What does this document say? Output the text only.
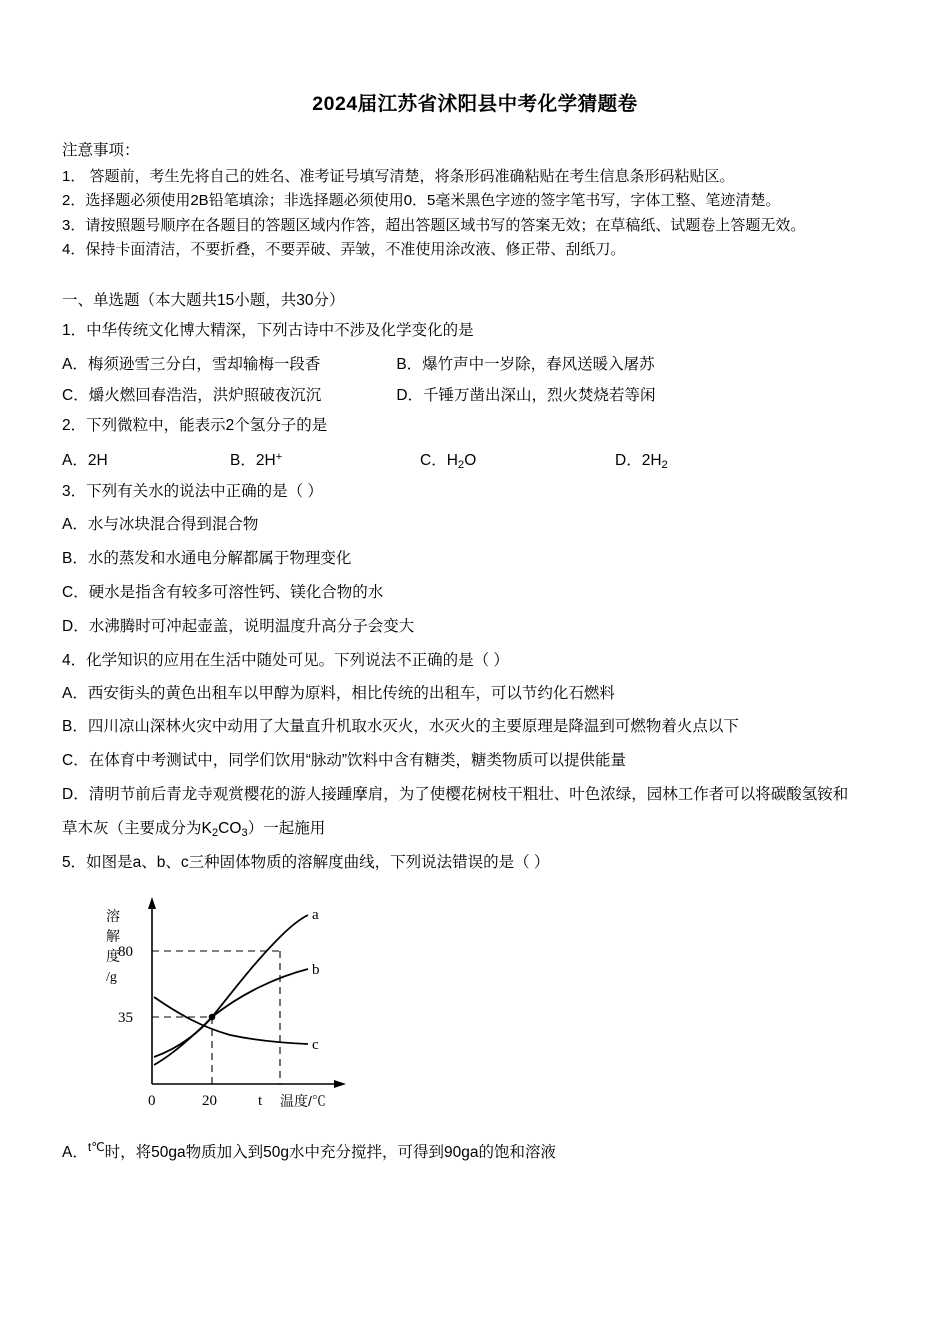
2024届江苏省沭阳县中考化学猜题卷
注意事项：
1． 答题前，考生先将自己的姓名、准考证号填写清楚，将条形码准确粘贴在考生信息条形码粘贴区。
2．选择题必须使用2B铅笔填涂；非选择题必须使用0．5毫米黑色字迹的签字笔书写，字体工整、笔迹清楚。
3．请按照题号顺序在各题目的答题区域内作答，超出答题区域书写的答案无效；在草稿纸、试题卷上答题无效。
4．保持卡面清洁，不要折叠，不要弄破、弄皱，不准使用涂改液、修正带、刮纸刀。
一、单选题（本大题共15小题，共30分）
1．中华传统文化博大精深，下列古诗中不涉及化学变化的是
A．梅须逊雪三分白，雪却输梅一段香	B．爆竹声中一岁除，春风送暖入屠苏
C．爝火燃回春浩浩，洪炉照破夜沉沉	D．千锤万凿出深山，烈火焚烧若等闲
2．下列微粒中，能表示2个氢分子的是
A．2H	B．2H+	C．$H_2O$	D．$2H_2$
3．下列有关水的说法中正确的是（ ）
A．水与冰块混合得到混合物
B．水的蒸发和水通电分解都属于物理变化
C．硬水是指含有较多可溶性钙、镁化合物的水
D．水沸腾时可冲起壶盖，说明温度升高分子会变大
4．化学知识的应用在生活中随处可见。下列说法不正确的是（ ）
A．西安街头的黄色出租车以甲醇为原料，相比传统的出租车，可以节约化石燃料
B．四川凉山深林火灾中动用了大量直升机取水灭火，水灭火的主要原理是降温到可燃物着火点以下
C．在体育中考测试中，同学们饮用“脉动”饮料中含有糖类，糖类物质可以提供能量
D．清明节前后青龙寺观赏樱花的游人接踵摩肩，为了使樱花树枝干粗壮、叶色浓绿，园林工作者可以将碳酸氢铵和
草木灰（主要成分为$K_2CO_3$）一起施用
5．如图是a、b、c三种固体物质的溶解度曲线，下列说法错误的是（ ）
a
b
c
80
35
0	20	t 温度/℃
溶
解
度
/g
A．$^{t℃}$时，将50ga物质加入到50g水中充分搅拌，可得到90ga的饱和溶液
